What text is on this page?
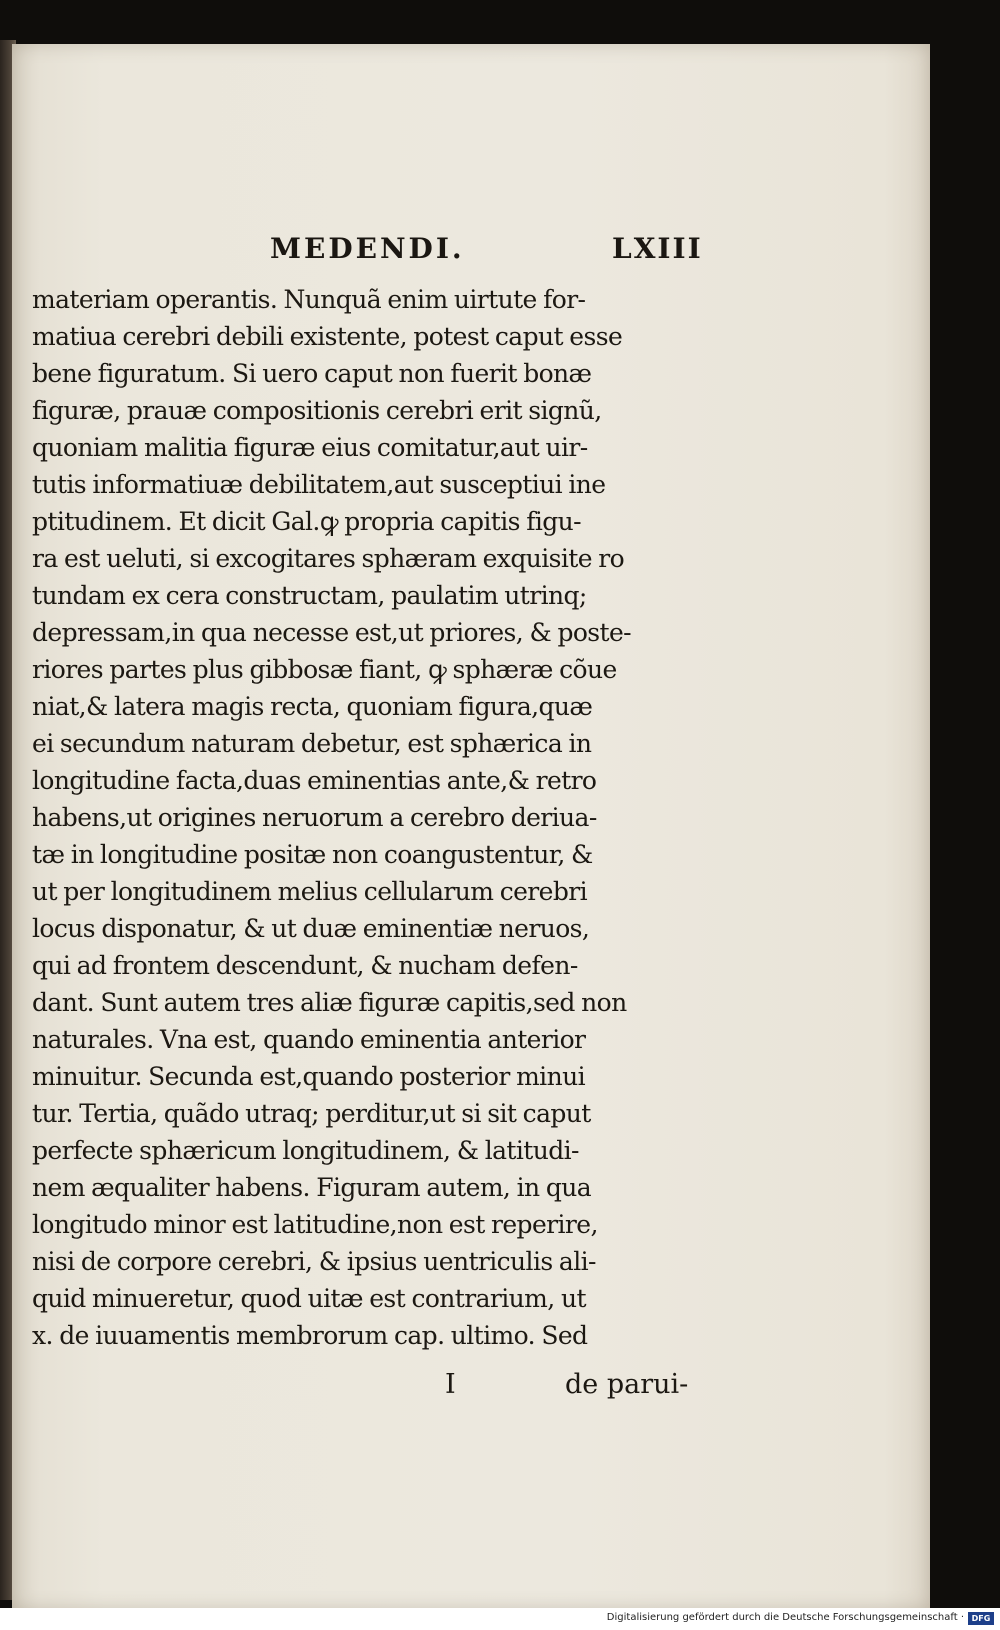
MEDENDI.	LXIII
materiam operantis. Nunquã enim uirtute for‑
matiua cerebri debili existente, potest caput esse
bene figuratum. Si uero caput non fuerit bonæ
figuræ, prauæ compositionis cerebri erit signũ,
quoniam malitia figuræ eius comitatur,aut uir‑
tutis informatiuæ debilitatem,aut susceptiui ine
ptitudinem. Et dicit Gal.ꝙ propria capitis figu‑
ra est ueluti, si excogitares sphæram exquisite ro
tundam ex cera constructam, paulatim utrinq;
depressam,in qua necesse est,ut priores, & poste‑
riores partes plus gibbosæ fiant, ꝙ sphæræ cõue
niat,& latera magis recta, quoniam figura,quæ
ei secundum naturam debetur, est sphærica in
longitudine facta,duas eminentias ante,& retro
habens,ut origines neruorum a cerebro deriua‑
tæ in longitudine positæ non coangustentur, &
ut per longitudinem melius cellularum cerebri
locus disponatur, & ut duæ eminentiæ neruos,
qui ad frontem descendunt, & nucham defen‑
dant. Sunt autem tres aliæ figuræ capitis,sed non
naturales. Vna est, quando eminentia anterior
minuitur. Secunda est,quando posterior minui
tur. Tertia, quãdo utraq; perditur,ut si sit caput
perfecte sphæricum longitudinem, & latitudi‑
nem æqualiter habens. Figuram autem, in qua
longitudo minor est latitudine,non est reperire,
nisi de corpore cerebri, & ipsius uentriculis ali‑
quid minueretur, quod uitæ est contrarium, ut
x. de iuuamentis membrorum cap. ultimo. Sed
I	de parui‑
Digitalisierung gefördert durch die Deutsche Forschungsgemeinschaft · DFG
